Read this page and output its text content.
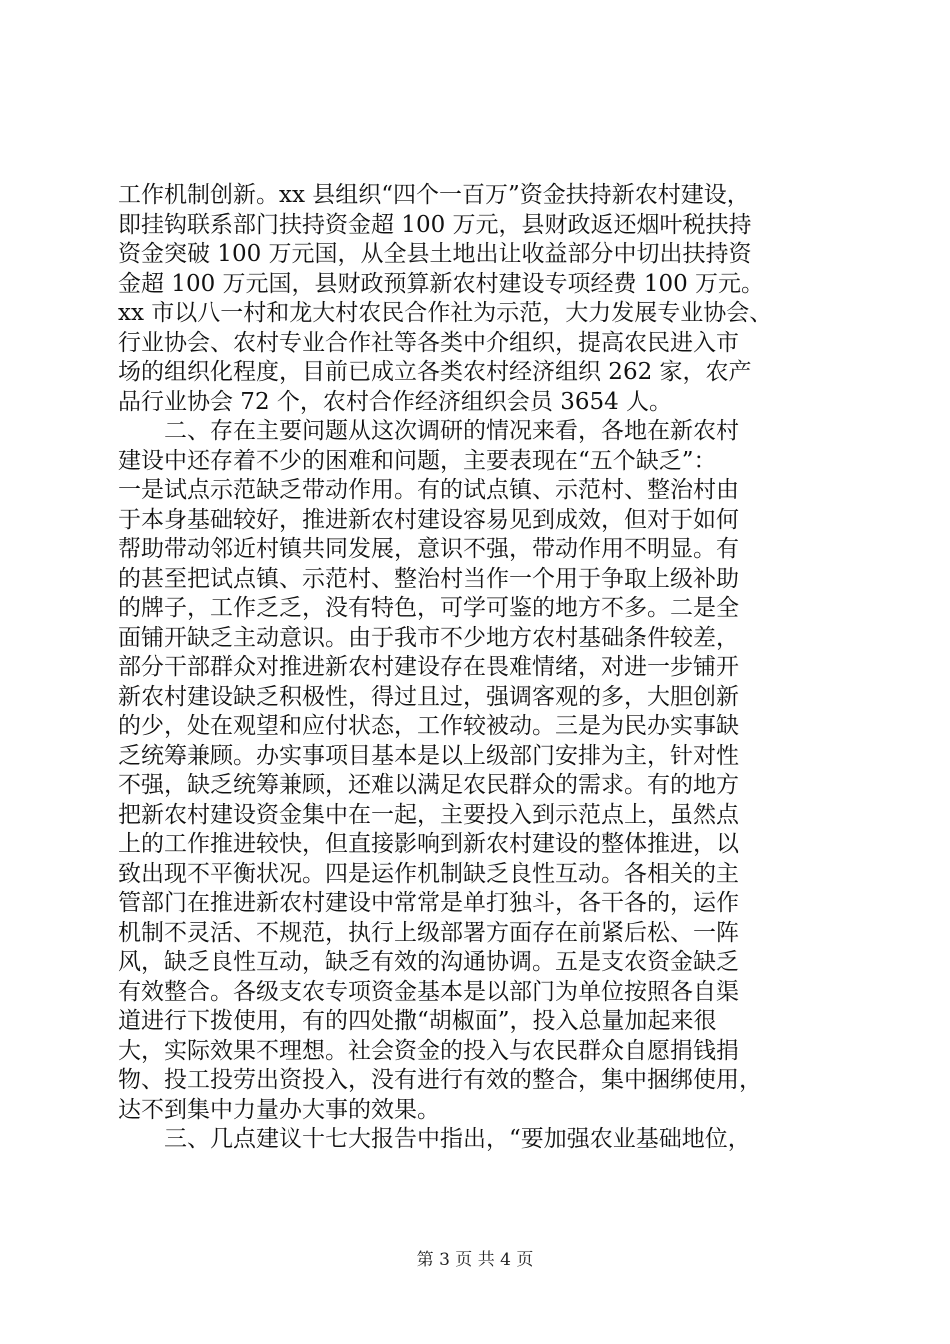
工作机制创新。xx 县组织“四个一百万”资金扶持新农村建设，
即挂钩联系部门扶持资金超 100 万元，县财政返还烟叶税扶持
资金突破 100 万元国，从全县土地出让收益部分中切出扶持资
金超 100 万元国，县财政预算新农村建设专项经费 100 万元。
xx 市以八一村和龙大村农民合作社为示范，大力发展专业协会、
行业协会、农村专业合作社等各类中介组织，提高农民进入市
场的组织化程度，目前已成立各类农村经济组织 262 家，农产
品行业协会 72 个，农村合作经济组织会员 3654 人。
　　二、存在主要问题从这次调研的情况来看，各地在新农村
建设中还存着不少的困难和问题，主要表现在“五个缺乏”：
一是试点示范缺乏带动作用。有的试点镇、示范村、整治村由
于本身基础较好，推进新农村建设容易见到成效，但对于如何
帮助带动邻近村镇共同发展，意识不强，带动作用不明显。有
的甚至把试点镇、示范村、整治村当作一个用于争取上级补助
的牌子，工作乏乏，没有特色，可学可鉴的地方不多。二是全
面铺开缺乏主动意识。由于我市不少地方农村基础条件较差，
部分干部群众对推进新农村建设存在畏难情绪，对进一步铺开
新农村建设缺乏积极性，得过且过，强调客观的多，大胆创新
的少，处在观望和应付状态，工作较被动。三是为民办实事缺
乏统筹兼顾。办实事项目基本是以上级部门安排为主，针对性
不强，缺乏统筹兼顾，还难以满足农民群众的需求。有的地方
把新农村建设资金集中在一起，主要投入到示范点上，虽然点
上的工作推进较快，但直接影响到新农村建设的整体推进，以
致出现不平衡状况。四是运作机制缺乏良性互动。各相关的主
管部门在推进新农村建设中常常是单打独斗，各干各的，运作
机制不灵活、不规范，执行上级部署方面存在前紧后松、一阵
风，缺乏良性互动，缺乏有效的沟通协调。五是支农资金缺乏
有效整合。各级支农专项资金基本是以部门为单位按照各自渠
道进行下拨使用，有的四处撒“胡椒面”，投入总量加起来很
大，实际效果不理想。社会资金的投入与农民群众自愿捐钱捐
物、投工投劳出资投入，没有进行有效的整合，集中捆绑使用，
达不到集中力量办大事的效果。
　　三、几点建议十七大报告中指出，“要加强农业基础地位，
第 3 页 共 4 页
